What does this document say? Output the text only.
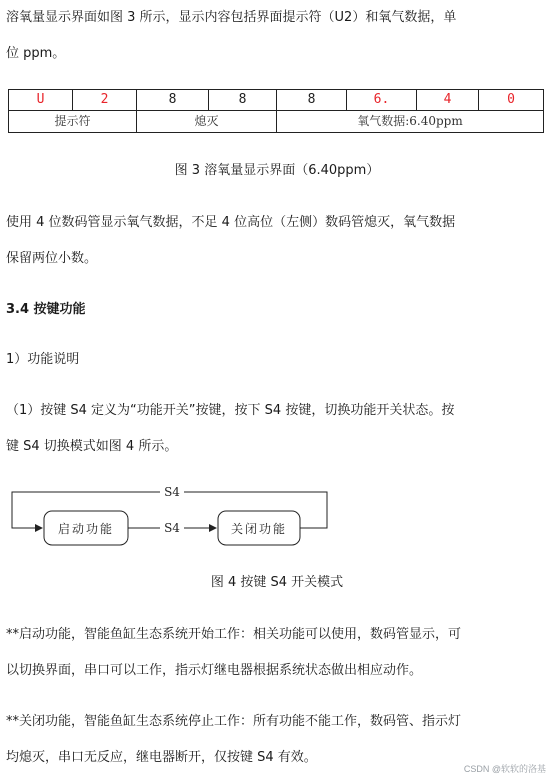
溶氧量显示界面如图 3 所示，显示内容包括界面提示符（U2）和氧气数据，单
位 ppm。
U	2	8	8	8	6.	4	0
提示符	熄灭	氧气数据:6.40ppm
图 3 溶氧量显示界面（6.40ppm）
使用 4 位数码管显示氧气数据，不足 4 位高位（左侧）数码管熄灭，氧气数据
保留两位小数。
3.4 按键功能
1）功能说明
（1）按键 S4 定义为“功能开关”按键，按下 S4 按键，切换功能开关状态。按
键 S4 切换模式如图 4 所示。
S4
S4
启动功能	关闭功能
图 4 按键 S4 开关模式
**启动功能，智能鱼缸生态系统开始工作：相关功能可以使用，数码管显示，可
以切换界面，串口可以工作，指示灯继电器根据系统状态做出相应动作。
**关闭功能，智能鱼缸生态系统停止工作：所有功能不能工作，数码管、指示灯
均熄灭，串口无反应，继电器断开，仅按键 S4 有效。
CSDN @软软的洛基
